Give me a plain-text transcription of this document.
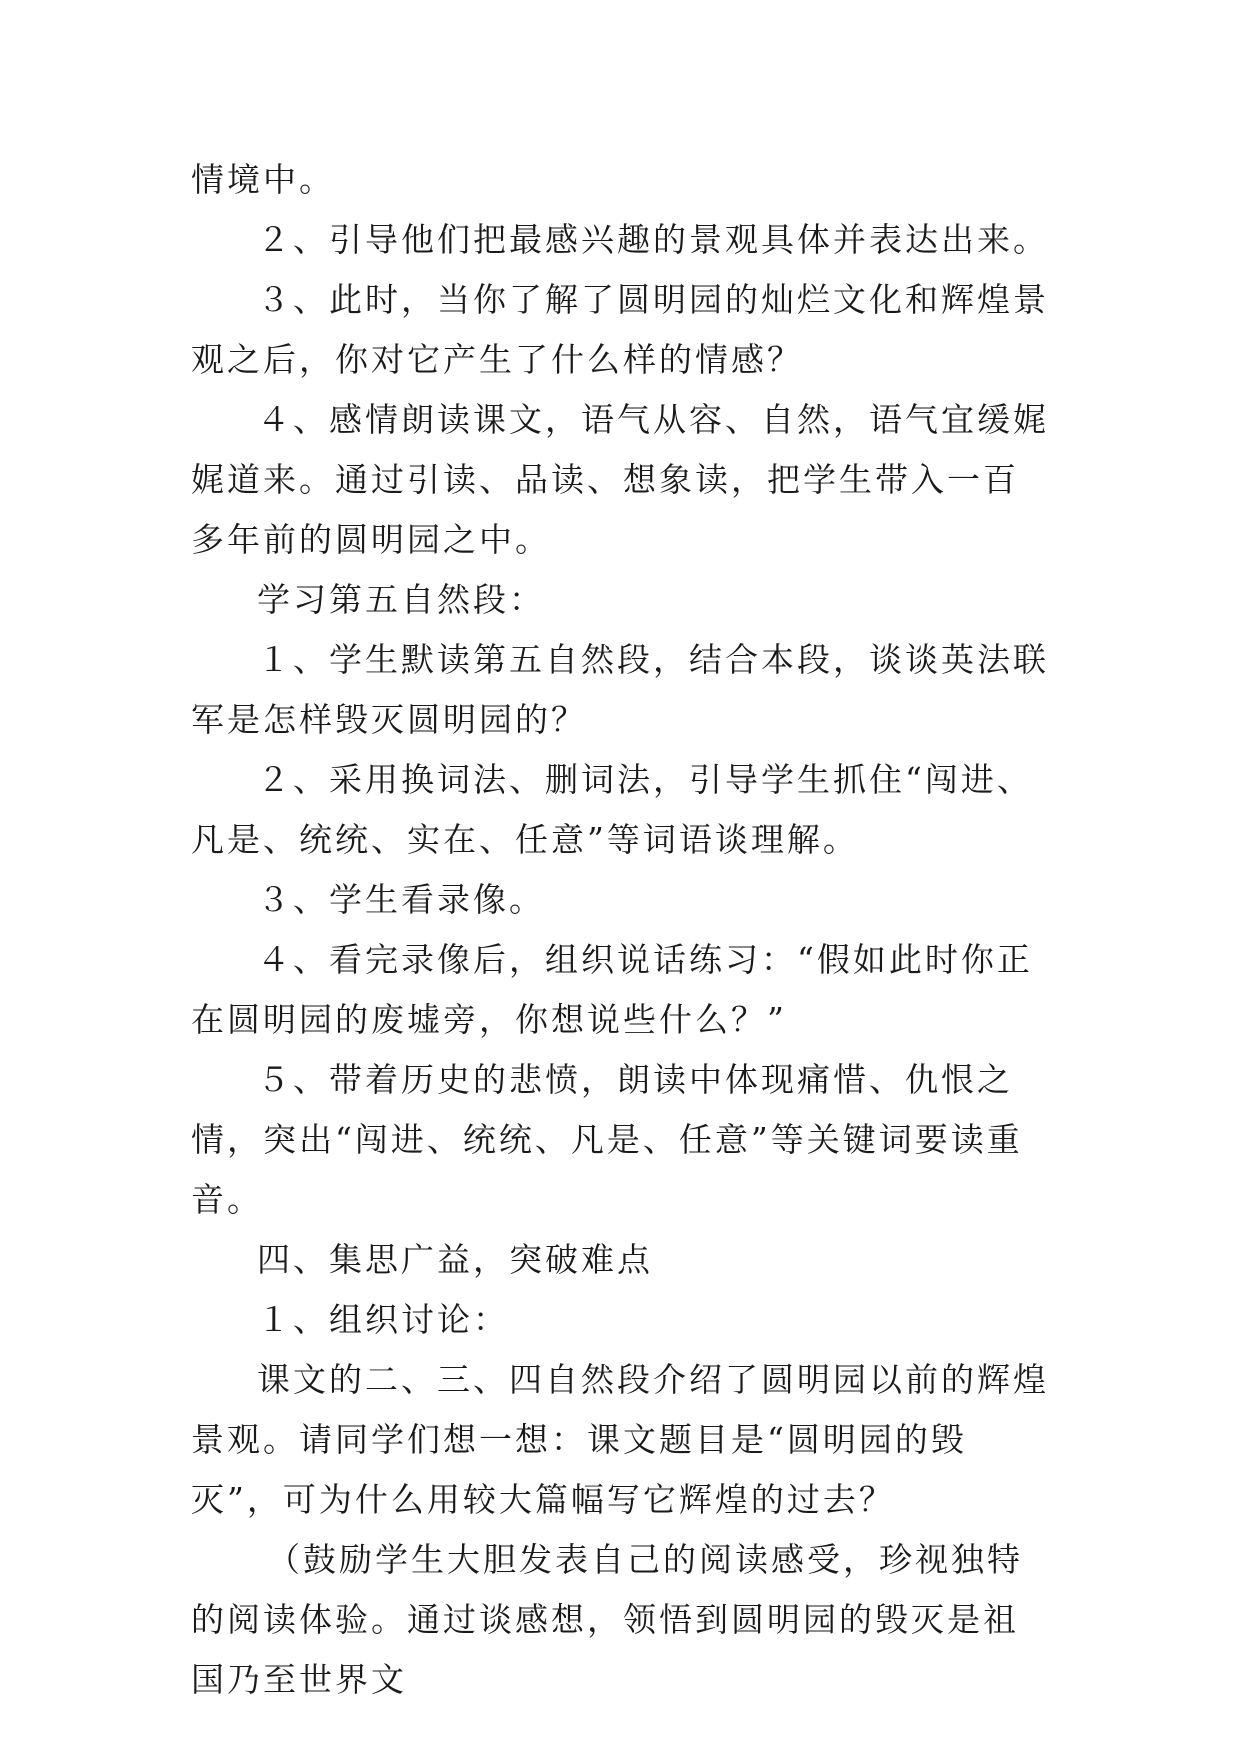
情境中。

２、引导他们把最感兴趣的景观具体并表达出来。

３、此时，当你了解了圆明园的灿烂文化和辉煌景观之后，你对它产生了什么样的情感？

４、感情朗读课文，语气从容、自然，语气宜缓娓娓道来。通过引读、品读、想象读，把学生带入一百多年前的圆明园之中。

学习第五自然段：

１、学生默读第五自然段，结合本段，谈谈英法联军是怎样毁灭圆明园的？

２、采用换词法、删词法，引导学生抓住“闯进、凡是、统统、实在、任意”等词语谈理解。

３、学生看录像。

４、看完录像后，组织说话练习：“假如此时你正在圆明园的废墟旁，你想说些什么？”

５、带着历史的悲愤，朗读中体现痛惜、仇恨之情，突出“闯进、统统、凡是、任意”等关键词要读重音。

四、集思广益，突破难点

１、组织讨论：

课文的二、三、四自然段介绍了圆明园以前的辉煌景观。请同学们想一想：课文题目是“圆明园的毁灭”，可为什么用较大篇幅写它辉煌的过去？

（鼓励学生大胆发表自己的阅读感受，珍视独特的阅读体验。通过谈感想，领悟到圆明园的毁灭是祖国乃至世界文
